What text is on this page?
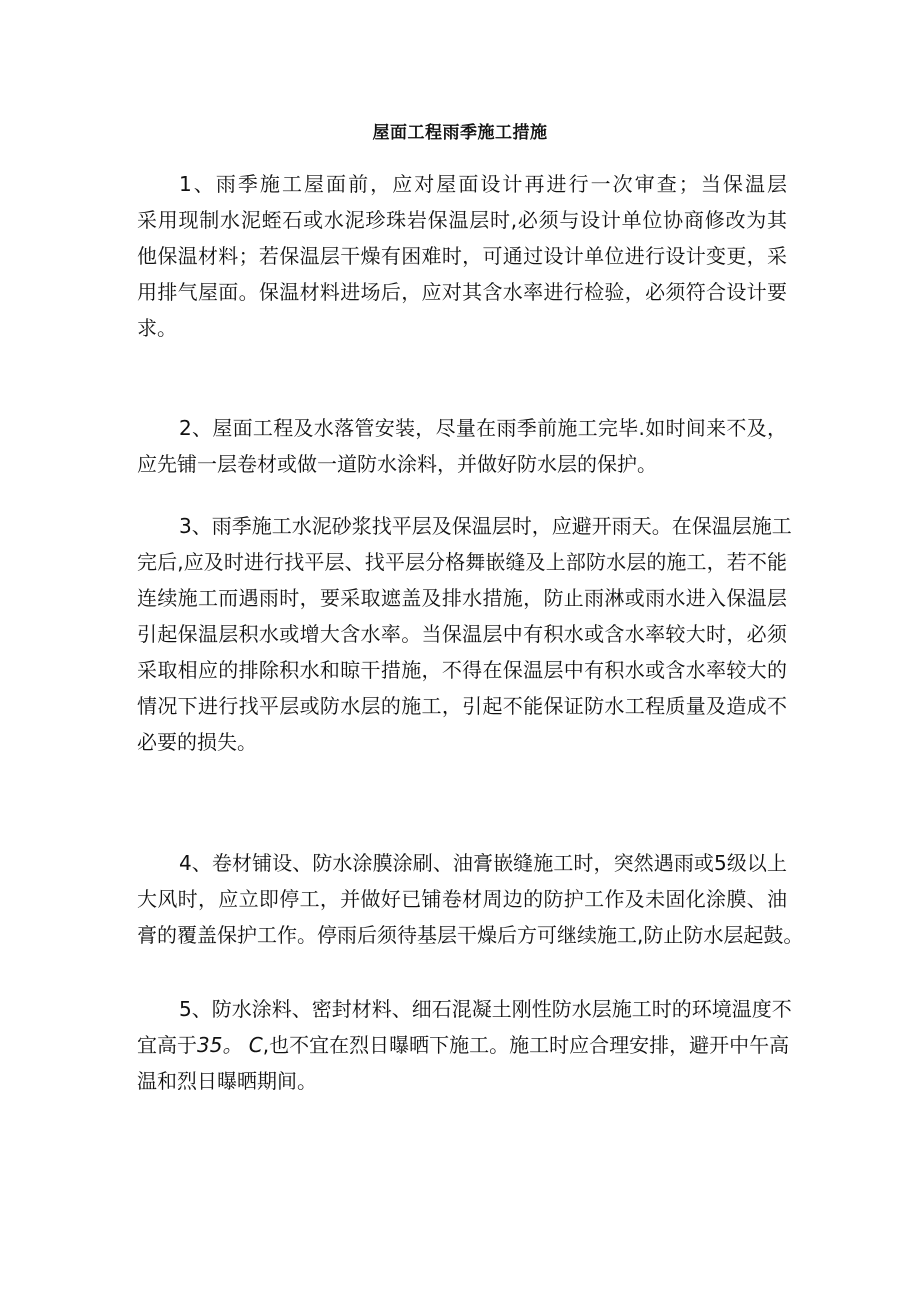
屋面工程雨季施工措施

1、雨季施工屋面前，应对屋面设计再进行一次审查；当保温层
采用现制水泥蛭石或水泥珍珠岩保温层时,必须与设计单位协商修改为其
他保温材料；若保温层干燥有困难时，可通过设计单位进行设计变更，采
用排气屋面。保温材料进场后，应对其含水率进行检验，必须符合设计要
求。

2、屋面工程及水落管安装，尽量在雨季前施工完毕.如时间来不及，
应先铺一层卷材或做一道防水涂料，并做好防水层的保护。

3、雨季施工水泥砂浆找平层及保温层时，应避开雨天。在保温层施工
完后,应及时进行找平层、找平层分格舞嵌缝及上部防水层的施工，若不能
连续施工而遇雨时，要采取遮盖及排水措施，防止雨淋或雨水进入保温层
引起保温层积水或增大含水率。当保温层中有积水或含水率较大时，必须
采取相应的排除积水和晾干措施，不得在保温层中有积水或含水率较大的
情况下进行找平层或防水层的施工，引起不能保证防水工程质量及造成不
必要的损失。

4、卷材铺设、防水涂膜涂刷、油膏嵌缝施工时，突然遇雨或5级以上
大风时，应立即停工，并做好已铺卷材周边的防护工作及未固化涂膜、油
膏的覆盖保护工作。停雨后须待基层干燥后方可继续施工,防止防水层起鼓。

5、防水涂料、密封材料、细石混凝土刚性防水层施工时的环境温度不
宜高于35。 C,也不宜在烈日曝晒下施工。施工时应合理安排，避开中午高
温和烈日曝晒期间。
